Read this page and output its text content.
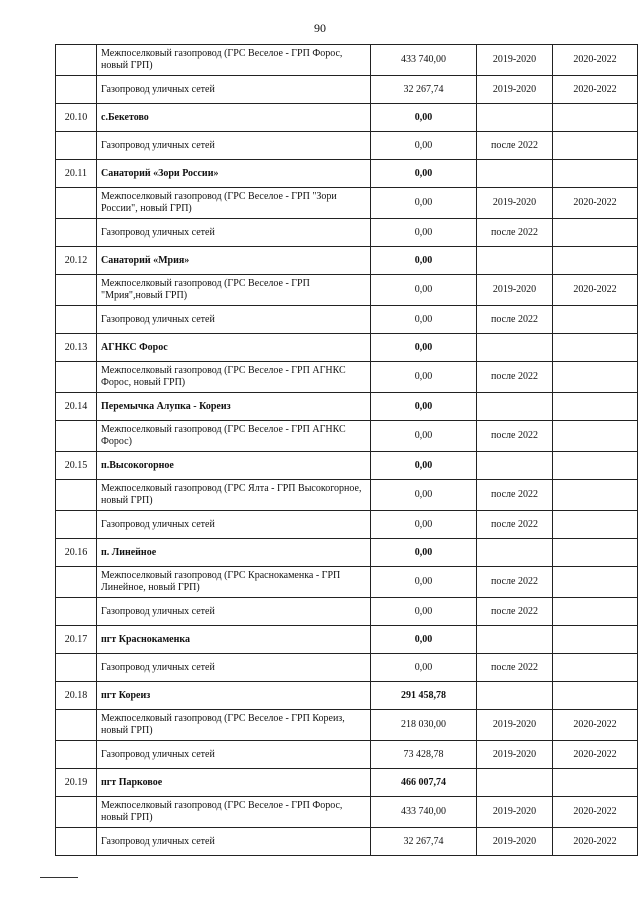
90
	Межпоселковый газопровод (ГРС Веселое - ГРП Форос, новый ГРП)	433 740,00	2019-2020	2020-2022
	Газопровод уличных сетей	32 267,74	2019-2020	2020-2022
20.10	с.Бекетово	0,00		
	Газопровод уличных сетей	0,00	после 2022	
20.11	Санаторий «Зори России»	0,00		
	Межпоселковый газопровод (ГРС Веселое - ГРП "Зори России", новый ГРП)	0,00	2019-2020	2020-2022
	Газопровод уличных сетей	0,00	после 2022	
20.12	Санаторий «Мрия»	0,00		
	Межпоселковый газопровод (ГРС Веселое - ГРП "Мрия",новый ГРП)	0,00	2019-2020	2020-2022
	Газопровод уличных сетей	0,00	после 2022	
20.13	АГНКС Форос	0,00		
	Межпоселковый газопровод (ГРС Веселое - ГРП АГНКС Форос, новый ГРП)	0,00	после 2022	
20.14	Перемычка Алупка - Кореиз	0,00		
	Межпоселковый газопровод (ГРС Веселое - ГРП АГНКС Форос)	0,00	после 2022	
20.15	п.Высокогорное	0,00		
	Межпоселковый газопровод (ГРС Ялта - ГРП Высокогорное, новый ГРП)	0,00	после 2022	
	Газопровод уличных сетей	0,00	после 2022	
20.16	п. Линейное	0,00		
	Межпоселковый газопровод (ГРС Краснокаменка - ГРП Линейное, новый ГРП)	0,00	после 2022	
	Газопровод уличных сетей	0,00	после 2022	
20.17	пгт Краснокаменка	0,00		
	Газопровод уличных сетей	0,00	после 2022	
20.18	пгт Кореиз	291 458,78		
	Межпоселковый газопровод (ГРС Веселое - ГРП Кореиз, новый ГРП)	218 030,00	2019-2020	2020-2022
	Газопровод уличных сетей	73 428,78	2019-2020	2020-2022
20.19	пгт Парковое	466 007,74		
	Межпоселковый газопровод (ГРС Веселое - ГРП Форос, новый ГРП)	433 740,00	2019-2020	2020-2022
	Газопровод уличных сетей	32 267,74	2019-2020	2020-2022
